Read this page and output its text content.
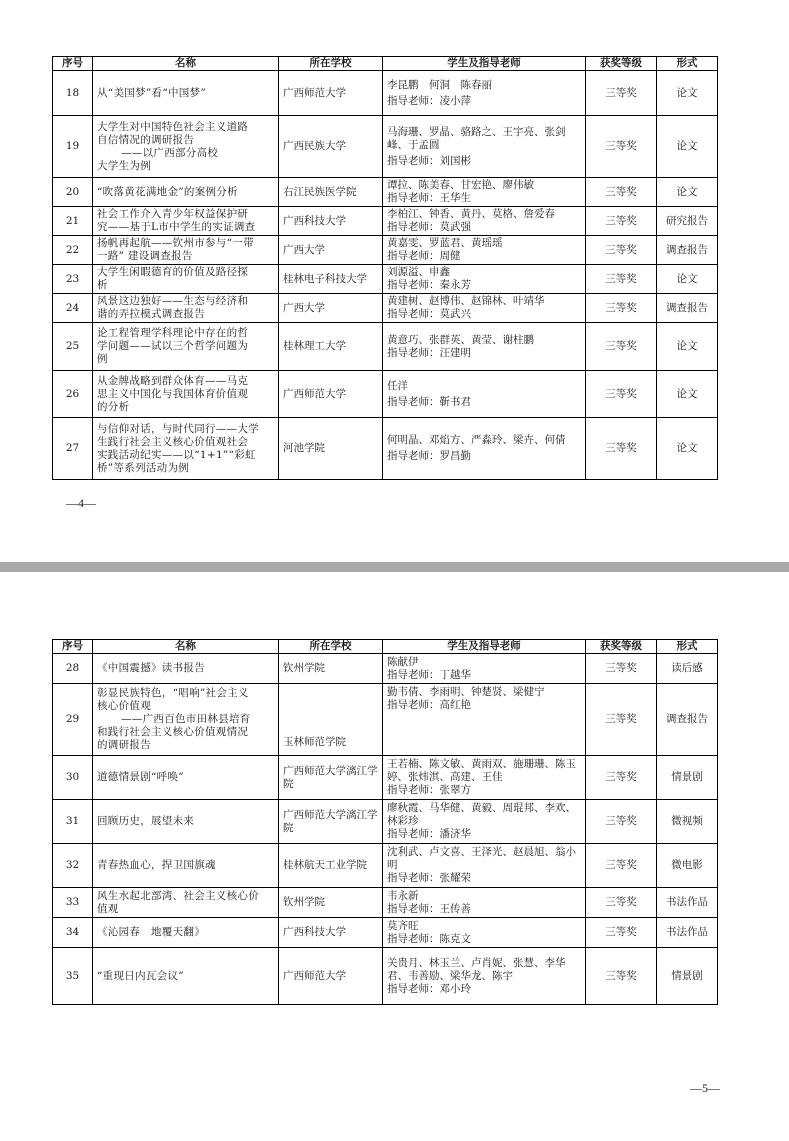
序号	名称	所在学校	学生及指导老师	获奖等级	形式
18	从“美国梦”看“中国梦”	广西师范大学	李昆鹏　何洞　陈春丽
指导老师：凌小萍	三等奖	论文
19	大学生对中国特色社会主义道路
自信情况的调研报告
——以广西部分高校
大学生为例	广西民族大学	马海珊、罗晶、骆路之、王宇亮、张剑峰、于孟圆
指导老师：刘国彬	三等奖	论文
20	“吹落黄花满地金”的案例分析	右江民族医学院	谭拉、陈美春、甘宏艳、廖伟敏
指导老师：王华生	三等奖	论文
21	社会工作介入青少年权益保护研
究——基于L市中学生的实证调查	广西科技大学	李柏江、钟香、黄丹、莫格、詹爱春
指导老师：莫武强	三等奖	研究报告
22	扬帆再起航——钦州市参与“一带
一路” 建设调查报告	广西大学	黄嘉雯、罗蓝君、黄瑶瑶
指导老师：周健	三等奖	调查报告
23	大学生闲暇德育的价值及路径探
析	桂林电子科技大学	刘源溢、申鑫
指导老师：秦永芳	三等奖	论文
24	风景这边独好——生态与经济和
谐的弄拉模式调查报告	广西大学	黄建树、赵博伟、赵锦林、叶靖华
指导老师：莫武兴	三等奖	调查报告
25	论工程管理学科理论中存在的哲
学问题——试以三个哲学问题为
例	桂林理工大学	黄意巧、张群英、黄莹、谢柱鹏
指导老师：汪建明	三等奖	论文
26	从金牌战略到群众体育——马克
思主义中国化与我国体育价值观
的分析	广西师范大学	任洋
指导老师：靳书君	三等奖	论文
27	与信仰对话，与时代同行——大学
生践行社会主义核心价值观社会
实践活动纪实——以“1+1”“彩虹
桥”等系列活动为例	河池学院	何明晶、邓焰方、严淼玲、梁卉、何倩
指导老师：罗昌勤	三等奖	论文
—4—
序号	名称	所在学校	学生及指导老师	获奖等级	形式
28	《中国震撼》读书报告	钦州学院	陈献伊
指导老师：丁越华	三等奖	读后感
29	彰显民族特色，“唱响”社会主义
核心价值观
——广西百色市田林县培育
和践行社会主义核心价值观情况
的调研报告	玉林师范学院	勤韦倩、李雨明、钟楚贤、梁健宁
指导老师：高红艳	三等奖	调查报告
30	道德情景剧“呼唤”	广西师范大学漓江学院	王若楠、陈文敏、黄雨双、施珊珊、陈玉婷、张炜淇、高建、王佳
指导老师：张翠方	三等奖	情景剧
31	回顾历史，展望未来	广西师范大学漓江学院	廖秋霞、马华健、黄毅、周琨邦、李欢、林彩珍
指导老师：潘济华	三等奖	微视频
32	青春热血心，捍卫国旗魂	桂林航天工业学院	沈利武、卢文喜、王泽光、赵晨旭、翁小明
指导老师：张耀荣	三等奖	微电影
33	风生水起北部湾、社会主义核心价
值观	钦州学院	韦永新
指导老师：王传善	三等奖	书法作品
34	《沁园春　地覆天翻》	广西科技大学	莫齐旺
指导老师：陈克文	三等奖	书法作品
35	“重现日内瓦会议”	广西师范大学	关贵月、林玉兰、卢肖妮、张慧、李华君、韦善励、梁华龙、陈宇
指导老师：邓小玲	三等奖	情景剧
—5—
